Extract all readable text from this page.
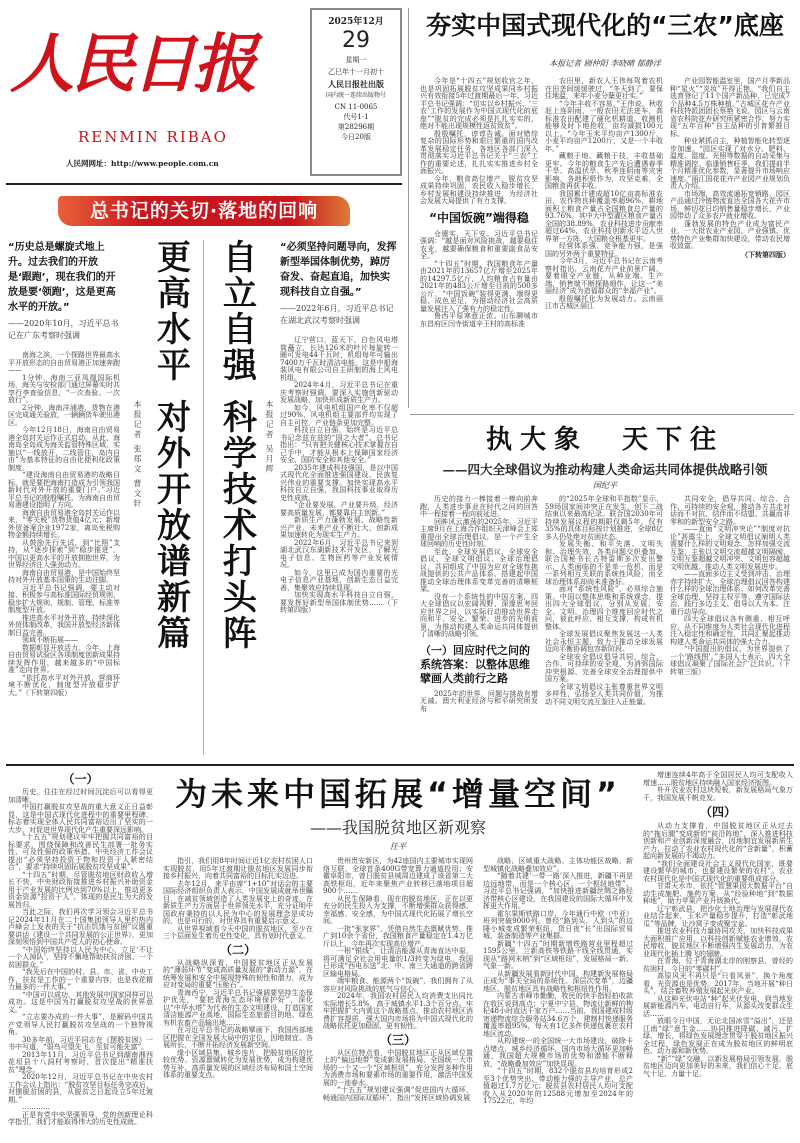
人民日报
RENMIN RIBAO
人民网网址：http://www.people.com.cn
2025年12月
29
星期一
乙巳年十一月初十
人民日报社出版
国内统一连续出版物号
CN 11-0065
代号1-1
第28296期
今日20版
夯实中国式现代化的“三农”底座
本报记者 顾仲阳 李晓晴 郁静洋

今年是“十四五”规划收官之年，也是巩固拓展脱贫攻坚成果同乡村振兴有效衔接5年过渡期最后一年。习近平总书记强调：“切实以乡村振兴、‘三农’工作的发展作为中国式现代化的底座”“脱贫的完成必须是扎扎实实的，绝对不能出现规模性返贫致贫”。

殷殷嘱托，谆谆告诫。面对错综复杂的国际形势和艰巨繁重的国内改革发展稳定任务，各地区各部门深入贯彻落实习近平总书记关于“三农”工作的重要论述，扎扎实实推进乡村全面振兴。

今年，粮食高位增产，脱贫攻坚成果持续巩固，农民收入稳步增长，乡村发展和建设持续推进，为经济社会发展大局提供了有力支撑。

“中国饭碗”端得稳

仓廪实，天下安。习近平总书记强调：“越是面对风险挑战，越要稳住农业，越要确保粮食和重要副食品安全。”

“十四五”时期，我国粮食年产量由2021年的13657亿斤增至2025年的14297.5亿斤，人均粮食占有量由2021年的483公斤增至目前的500多公斤，“中国饭碗”装得更满、端得更稳、成色更足，为推动经济社会高质量发展注入了强有力的稳定性。

鲁西平原寒意正浓。山东聊城市东昌府区闫寺街道辛王村的高标准

农田里，新农人王伟每驾着农机在田垄间缓缓驶过，“冬天到了，要保住地温，来年小麦分蘖更壮实。”

“今年丰收不容易，”王伟说，秋收赶上连阴雨，一般农田无法进车，高标准农田配建了硬化机耕道，收割机能够及时下地抢收，亩均减损100元以上。“今年玉米平均亩产1300斤，小麦平均亩产1200斤，又是一个丰收年。”

藏粮于地、藏粮于技，丰收基础更牢。今年的粮食生产先后遭遇春季干旱、高温伏旱、秋季连阴雨等灾害影响，各地积极作为，攻坚克难，全国粮食再获丰收。

我国累计建成超10亿亩高标准农田，农作物良种覆盖率超96%，耕地面积上粮食产量占全国粮食总产量的93.76%，其中大中型灌区粮食产量占全国的38.89%，农业科技进步贡献率超过64%，农业科技创新水平迈入世界第一方阵，大国粮仓根基更牢。

经营体系强、竞争能力强，是强国的另外两个重要特征。

今年3月，习近平总书记在云南考察时指出，云南花卉产业前景广阔，要着眼全产业链，从种业端、生产端、销售端不断探路细作，让这一“美丽经济”成为造福群众的“幸福产业”。

殷殷嘱托化为发展动力。云南丽江市古城区丽江

产业园智能温室里，国产月季新品种“星火”“炎妆”开得正艳。“我们自主选育登记了11个国产新品种，已完成7个品种4.5万株种植。”古城区花卉产业科技特派团团长蔡艳飞说，园区与云南省农科院花卉研究所紧密合作，努力实现“五年百种”自主品种的引育繁推目标。

种业紧抓自主，种植智能化转型逐步加速。“园区实现了对水分、肥料、温度、湿度、光照等数据的自动采集与精准调控。临逢销售旺季，我们提前半个月精准优化参数，显著提升市场响应速度。”丽江国花花卉产业园产业规划负责人介绍。

市场端，高效流通拓宽销路，园区产品通过冷链物流直达全国各大花卉市场，鲜切花日均销售量稳步增长，产业园带动了众多农户就业增收。

蓬勃发展的特色产业成为富民产业，一大批农业产业园、产业强镇、优势特色产业集群加快建设，带动农民增收致富。

（下转第四版）
总书记的关切·落地的回响
“历史总是螺旋式地上升。过去我们的开放是‘跟跑’，现在我们的开放是要‘领跑’，这是更高水平的开放。”
——2020年10月，习近平总书记在广东考察时强调

南海之滨，一个探路世界最高水平开放形态的自由贸易港正加速奔跑——

1分钟，海南三亚凤凰国际机场，海关与安检部门通过屏幕实时共享行李查验信息，“一次查验、一次放行”。

2分钟，海南洋浦港，货物在港区完成通关验放，一辆辆货车驶出港区。

今年12月18日，海南自由贸易港全岛封关运作正式启动。从此，海南岛全岛成为海关监管特殊区域，实施以“一线放开、二线管住、岛内自由”为基本特征的自由化便利化政策制度。

“建设海南自由贸易港的战略目标，就是要把海南打造成为引领我国新时代对外开放的重要门户。”习近平总书记的殷殷嘱托，为海南自由贸易港建设指明了方向。

海南自由贸易港全岛封关运作以来，“零关税”货物货值4亿元；新增外贸备案企业1972家，离岛免税购物金额持续增长。

从鼓励先行先试，到“比照”支持，从“逐步探索”到“稳步推进”，中国以更高水平的开放拥抱世界，为世界经济注入强劲动力。

海南自由贸易港，是中国始终坚持对外开放基本国策的生动注脚。

习近平总书记强调，要主动对接、积极参与高标准国际经贸规则，稳步扩大规则、规制、管理、标准等制度型开放。

推进高水平对外开放，持续深化外贸体制改革，我国开放型经济新体制日益完善。

领域不断拓展——

数据彰显开放活力。今年，上海自由贸易试验区各项制度创新成果持续发挥作用，越来越多的“中国标准”走向世界。

“依托高水平对外开放，营商环境不断优化，制度型开放稳步扩大。”（下转第四版）

本报记者 张郑文 曹文轩
更高水平
对外开放谱新篇
自立自强
科学技术打头阵
本报记者 吴月辉
“必须坚持问题导向，发挥新型举国体制优势，踔厉奋发、奋起直追，加快实现科技自立自强。”
——2022年6月，习近平总书记在湖北武汉考察时强调

辽宁营口，蓝天下，白色风电塔筒矗立，长达126米的叶片每旋转一圈可发电44千瓦时，机组每年可输出7400万千瓦时清洁电能。这是中船海装风电有限公司自主研制的海上风电机组。

2024年4月，习近平总书记在重庆考察时强调，要深入实施创新驱动发展战略，加快形成新质生产力。

如今，风电机组国产化率不仅超过90%，风电机组主要部件均实现了自主可控，产业链条更加完整。

科技自立自强，始终是习近平总书记念兹在兹的“国之大者”。总书记指出：“只有把关键核心技术掌握在自己手中，才能从根本上保障国家经济安全、国防安全和其他安全。”

2035年建成科技强国，是以中国式现代化全面推进强国建设、民族复兴伟业的重要支撑。加快实现高水平科技自立自强，我国科技事业取得历史性成就。

“企业要发展，产业要升级，经济要高质量发展，都要靠自主创新。”

新质生产力蓬勃发展，战略性新兴产业、未来产业不断壮大，创新成果加速转化为现实生产力。

2022年6月，习近平总书记来到湖北武汉东湖新技术开发区，了解光电子信息、生物医药等产业发展情况。

如今，这里已成为国内重要的光电子信息产业基地，创新生态日益完善，集聚效应持续显现。

加快实现高水平科技自立自强，要发挥好新型举国体制优势……（下转第四版）

执大象  天下往
——四大全球倡议为推动构建人类命运共同体提供战略引领
国纪平

历史的接力一棒接着一棒向前奔跑，人类进步事业在时代之问的回答中一程接着一程向前延进。

回眸风云激荡的2025年，习近平主席9月在上海合作组织天津峰会上郑重提出全球治理倡议，是一个产生全球回响的历史性时刻。

至此，全球发展倡议、全球安全倡议、全球文明倡议、全球治理倡议，共同组成了中国为应对全球性挑战提供的公共产品体系，搭建起中国推动全球治理体系变革完善的清晰框架。

没有一个系统性的中国方案，四大全球倡议以宏阔视野、深邃思考回应世界之问，以实际行动推动世界走向和平、安全、繁荣、进步的光明前景，为推动构建人类命运共同体提供了清晰的战略引领。

（一）回应时代之问的系统答案：以整体思维擘画人类前行之路

2025年的世界，问题与挑战有增无减。澳大利亚经济与和平研究所发布

的“2025年全球和平指数”显示，59场国家间冲突正在发生，创下二战结束以来最高纪录。联合国2030年可持续发展议程的期限仅剩5年，仅有35%的具体目标按计划推进，全球8亿多人仍处绝对贫困状态。

发展失衡、和平失落、文明失和、治理失效，各类问题交织叠加。联合国秘书长古特雷斯多次发出警示，人类面临的不是单一危机，而是一系列相互关联的系统性风险，而全球治理体系却尚未准备好。

面对“系统性风险”，必须综合施策。中国以整体思维和系统观念，提出四大全球倡议，分别从发展、安全、文明、治理四个维度回应时代之问，彼此呼应、相互支撑，构成有机整体。

全球发展倡议聚焦发展这一人类社会永恒主题，致力于推动全球发展迈向平衡协调包容新阶段。

全球安全倡议倡导共同、综合、合作、可持续的安全观，为消弭国际冲突根源、完善全球安全治理提供中国方案。

全球文明倡议主张尊重世界文明多样性，弘扬全人类共同价值，为推动不同文明交流互鉴注入正能量。

共同安全，倡导共同、综合、合作、可持续的安全观，推动各方共走对话而不对抗、结伴而不结盟、共赢而非零和的新型安全之路。

——直面“文明冲突论”“制度对抗论”甚嚣尘上，全球文明倡议阐明人类需要什么样的文明观念、怎样加强交流互鉴，主张以文明交流超越文明隔阂、文明互鉴超越文明冲突、文明包容超越文明优越，推动人类文明发展进步。

——直面多边主义受到冲击、治理赤字持续扩大，全球治理倡议回答构建什么样的全球治理体系、如何改革完善全球治理，坚持主权平等、遵守国际法治、践行多边主义、倡导以人为本、注重行动导向。

四大全球倡议各有侧重、相互呼应，从不同维度为人类社会现代化进程注入稳定性和确定性，共同汇聚起推动构建人类命运共同体的强大合力。

“中国提出的倡议，为世界提供了一个‘路线图’。”多国人士表示，四大全球倡议凝聚了国际社会广泛共识。（下转第三版）

（一）

历史，往往在经过时间沉淀后可以看得更加清晰。

中国打赢脱贫攻坚战的重大意义正日益彰显，这是中国式现代化进程中的重要里程碑，标志着实现全体人民共同富裕迈出了坚实的一大步，对促进世界现代化产生重要深远影响。

“十五五”规划建议牢牢把握共同富裕的目标要求，围绕保障和改善民生部署一批务实性、可及性强的政策举措。中央经济工作会议提出“必须坚持投资于物和投资于人紧密结合”，要求“持续巩固拓展脱贫攻坚成果”。

“十四五”时期，尽管脱贫地区财政收入增长不快，中央财政衔接推进乡村振兴补助资金用于产业发展的比例达到70%以上，推动更多资金资源“投资于人”，体现的是民生为大的发展旨归。

当此之际，我们再次学习领会习近平总书记2024年11月在二十国集团领导人里约热内卢峰会上发表的关于“抗击饥饿与贫困”议题重要讲话《建设一个共同发展的公正世界》，更加深刻领悟到中国共产党人的初心使命。

“中国始终坚持以人民为中心，立足‘不让一个人掉队’，坚持不懈地帮助扶贫济困、一个贫困群众。”

“我先后在中国的村、县、市、省、中央工作，扶贫是工作的一个重要内容，也是我花精力最多的一件大事。”

“中国可以成功，其他发展中国家同样可以成功。这是中国为打赢脱贫攻坚战的世界意义。”

“立志要办成的一件大事”，是解码中国共产党领导人民打赢脱贫攻坚战的一个独特视角。

30多年前，习近平同志在《摆脱贫困》一书中写道，“弱鸟可望先飞，至贫可能先富”。

2013年11月，习近平总书记到湖南湘西花垣县十八洞村考察时，首次提出“精准扶贫”理念。

2020年12月，习近平总书记在中央农村工作会议上指出：“脱贫攻坚目标任务完成后，对摆脱贫困的县，从脱贫之日起设立5年过渡期。”

…………

正是有党中央坚强领导，党的创新理论科学指引，我们才能取得伟大的历史性成就。

为未来中国拓展“增量空间”
——我国脱贫地区新观察
任平

指引，我们用8年时间让近1亿农村贫困人口实现脱贫，用5年过渡期让脱贫地区发展同步衔接乡村振兴，向着共同富裕的目标扎实迈进。

去年12月，来平由席“1+10”对话会的主要国际经济组织负责人表示，中国发展成就举世瞩目，在减贫领域创造了人类发展史上的奇迹，在新质生产力方面居于世界领先水平，充分证明中国政府秉持的以人民为中心的发展理念是成功的，也是可行的，对世界具有重要启示意义。

从世界视域看今天中国的脱贫地区，至少在三个层面发生着历史性变化，具有划时代意义。

（二）

从战略纵深看，中国脱贫地区正从发展的“薄弱环节”变成高质量发展的“新动力源”，在统筹发展和安全中展现特殊的韧性和潜力，成为应对变局的重要“压舱石”。

青海西宁，习近平总书记强调要坚持生态保护优先，“要把青海生态环境保护好”，深化以“中华水塔”为代表的生态文明建设，打造国家清洁能源产业高地、国际生态旅游目的地、绿色有机农畜产品输出地……

在习近平总书记的战略擘画下，我国西部地区把握在全国发展大局中的定位，因地制宜、各展所长，不断开拓经济发展新空间。

缘小区域县集、城乡连片，把脱贫地区的比较优势、资源禀赋转化为发展优势，成为构建优势互补、高质量发展的区域经济布局和国土空间体系的重要支点。

贵州贵安新区，为42座国内主要城市实现网络互联，全球首条400G带宽算力通道投用；安徽阜阳市，曾日脱贫县城周边建成了该省第二大高铁枢纽，近年来聚焦产业转移已落地项目超900个……

从民生保障看，现在的脱贫地区，正在以更充分的民生投入为支撑，不断增强群众获得感、幸福感、安全感，为中国式现代化拓展了增长空间。

一批“张家界”，凭借自然生态禀赋优势，推广到10余个省份，我国粮食产量稳定在1.4万亿斤以上，今年再次实现高位增产。

一根“银线”，让清洁能源从青海直达中原，将可满足全社会用电量的1/3转变为绿电。我国已形成“西电东送”北、中、南三大通道的跨省跨区输电格局。

端牢粮食、能源两个“饭碗”，我们拥有了从容应对风险挑战的底气与信心。

2024年，我国农村居民人均消费支出同比实际增长5.8%，高于城镇水平1.3个百分点。牢牢把握扩大内需这个战略基点，推动农村地区消费扩容提质，强大国内市场将为中国式现代化的战略依托更加稳固、更有韧性。

（三）

从区位特点看，中国脱贫地区正从区域位置上的“偏远地带”变成新发展格局、全国统一大市场的一个又一个“区域枢纽”，充分发挥多种作用为消费市场和要素市场的重要作用，激活中国发展的一池春水。

“十五五”规划建议强调“促进国内大循环，畅通国内国际双循环”，指出“发挥区域协调发展

战略、区域重大战略、主体功能区战略、新型城镇化战略叠加效应”。

“随着共建‘一带一路’深入推进，新疆不再是边远地带，而是一个核心区、一个枢纽地带”。习近平总书记强调，“加快推进新疆丝绸之路经济带核心区建设，在我国建设的国际大循环中发挥更大作用。”

霍尔果斯铁路口岸，今年通行中欧（中亚）班列突破9000列。曾经“路到头、人到头”的边陲小城变成繁荣枢纽，货日夜“长”出国际贸易城、装备制造等产业集群。

新疆“十四五”时期新增铁路营业里程超过1595公里，兰新高铁等铁路干线全线贯通，实现从“路网末梢”到“区域枢纽”，发展格局一新，气象一新。

从新疆发展看新时代中国，构建新发展格局正成为“事关全局的系统性、深层次变革”，边疆地区、脱贫地区具有战略性和枢纽性作用。

内蒙古赤峰市勤勤，牧民的快手指轻拍收款在收区说到高点；宁夏中宁县，物流让新鲜的枸杞48小时直达千家万户……当前，我国建成村级寄递物流综合服务站34.6万个，建制村快递服务覆盖率超95%，每天有1亿多件快递包裹在农村地区流动。

从构建统一的全国统一大市场建设，破除卡点堵点，城乡经济循环，国内市场大循环更加畅通，我国超大规模市场的优势和潜能不断释放，“战略叠加效应”加快显现。

“十四五”时期，832个脱贫县均培育形成2至3个优势突出、带动能力强的主导产业，总产值超过1.7万亿元；脱贫县农村居民人均可支配收入从2020年的12588元增加至2024年的17522元，年均

增速连续4年高于全国居民人均可支配收入增速……脱贫地区持续融入国家经济版图。

朴开农业农村这块短板，新发展格局气象万千，我国发展千帆竞发。

（四）

从动力支撑看，中国脱贫地区正从过去的“拖后腿”变成新的“前沿阵地”，深入推进科技创新和产业创新深度融合，因地制宜发展新质生产力，拉动了农业农村现代化的“含新量”，积蓄起向新发展的不竭动力。

“我们全面建设社会主义现代化国家，既要建设繁华的城市，也要建设繁荣的农村”。农业农村现代化是中国式现代化的重要组成部分。

甘肃天水市，依托“智慧果园大数据平台”自动生成施肥、施药方案，从“经验种地”到“数据种地”，助力苹果产业升级换代。

辽宁彰武县，把沙化土地治理与发展现代农业结合起来，玉米产量稳步提升，打造“彰武地瓜”等品牌，让沙窝子变成聚宝盆。

推进农业科技力量协同攻关，加快科技成果大面积推广应用，以科技创新赋能农业增效、农民增收，脱贫地区不断增强内生发展动力，为农业现代化插上腾飞的翅膀。

在青海，位于青海湖北岸的刚察县，曾经的贫困村，今日的“零碳村”。

高原风光不再只是“只看风景”，换个角度看，光资源也是优势。2017年，当地开展“种日头”，结合畜牧养殖发展起光伏产业。

从这种光伏电站“种”起光伏发电，到当地发展新能源汽车、电动自行车，从源头改变群众生活……

放眼今日中国，无论北国冰雪“溢出”，还是江南“绿”意生金……协同推进降碳、减污、扩绿、增长，将绿色发展理念贯穿于脱贫地区振兴全过程，绿色发展正在成为脱贫地区的鲜明底色、动力源和新优势。

“新”“绿”交融，以新发展格局引领发展，脱贫地区迈向更加美好的未来，我们信心十足、底气十足、力量十足。
